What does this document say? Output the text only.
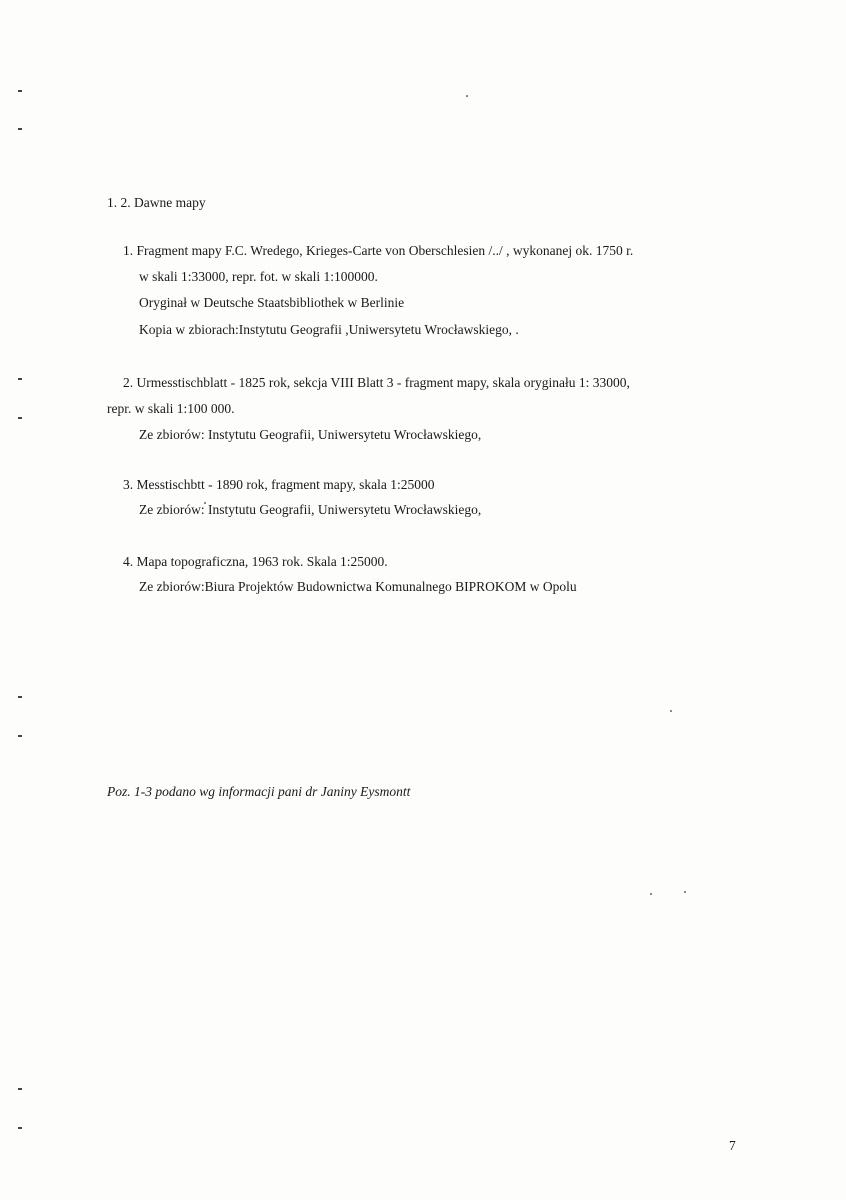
1. 2. Dawne mapy
1. Fragment mapy F.C. Wredego, Krieges-Carte von Oberschlesien /../ , wykonanej ok. 1750 r.
w skali 1:33000, repr. fot. w skali 1:100000.
Oryginał w Deutsche Staatsbibliothek w Berlinie
Kopia w zbiorach:Instytutu Geografii ,Uniwersytetu Wrocławskiego, .
2. Urmesstischblatt - 1825 rok, sekcja VIII Blatt 3 - fragment mapy, skala oryginału 1: 33000,
repr. w skali 1:100 000.
Ze zbiorów: Instytutu Geografii, Uniwersytetu Wrocławskiego,
3. Messtischbtt - 1890 rok, fragment mapy, skala 1:25000
Ze zbiorów: Instytutu Geografii, Uniwersytetu Wrocławskiego,
4. Mapa topograficzna, 1963 rok. Skala 1:25000.
Ze zbiorów:Biura Projektów Budownictwa Komunalnego BIPROKOM w Opolu
Poz. 1-3 podano wg informacji pani dr Janiny Eysmontt
7
